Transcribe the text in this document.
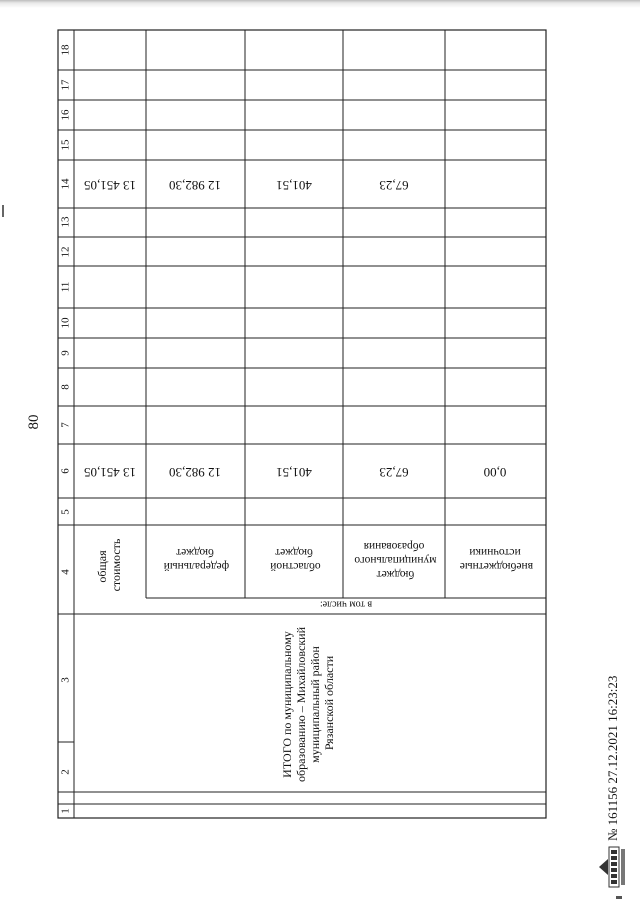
80
1
2
3
4
5
6
7
8
9
10
11
12
13
14
15
16
17
18
13 451,05
13 451,05
12 982,30
12 982,30
401,51
401,51
67,23
67,23
0,00
общая стоимость	федеральный бюджет
областной бюджет
бюджет муниципального образования
внебюджетные источники
в том числе:
ИТОГО по муниципальному образованию – Михайловский муниципальный район Рязанской области	№ 161156 27.12.2021 16:23:23
